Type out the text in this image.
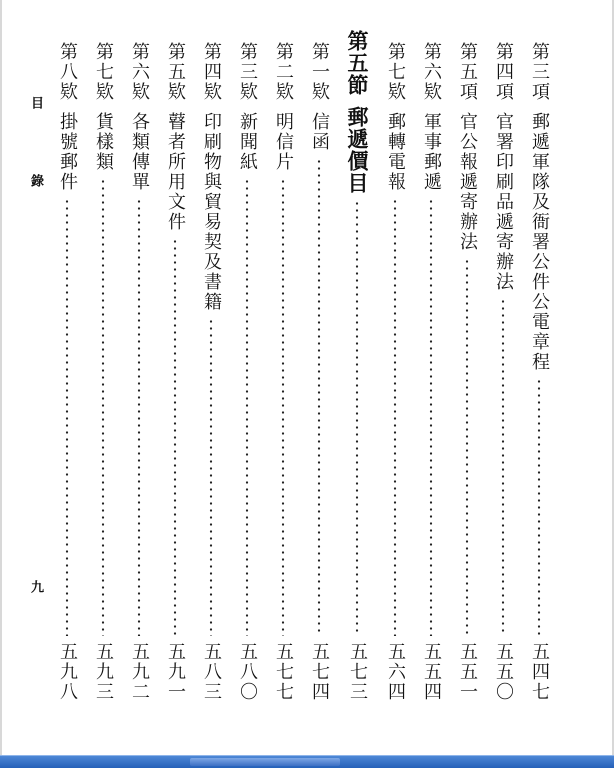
第三項
郵遞軍隊及衙署公件公電章程
五四七
第四項
官署印刷品遞寄辦法
五五〇
第五項
官公報遞寄辦法
五五一
第六欵
軍事郵遞
五五四
第七欵
郵轉電報
五六四
第五節
郵遞價目
五七三
第一欵
信函
五七四
第二欵
明信片
五七七
第三欵
新聞紙
五八〇
第四欵
印刷物與貿易契及書籍
五八三
第五欵
瞽者所用文件
五九一
第六欵
各類傳單
五九二
第七欵
貨樣類
五九三
第八欵
掛號郵件
五九八
目
錄
九
